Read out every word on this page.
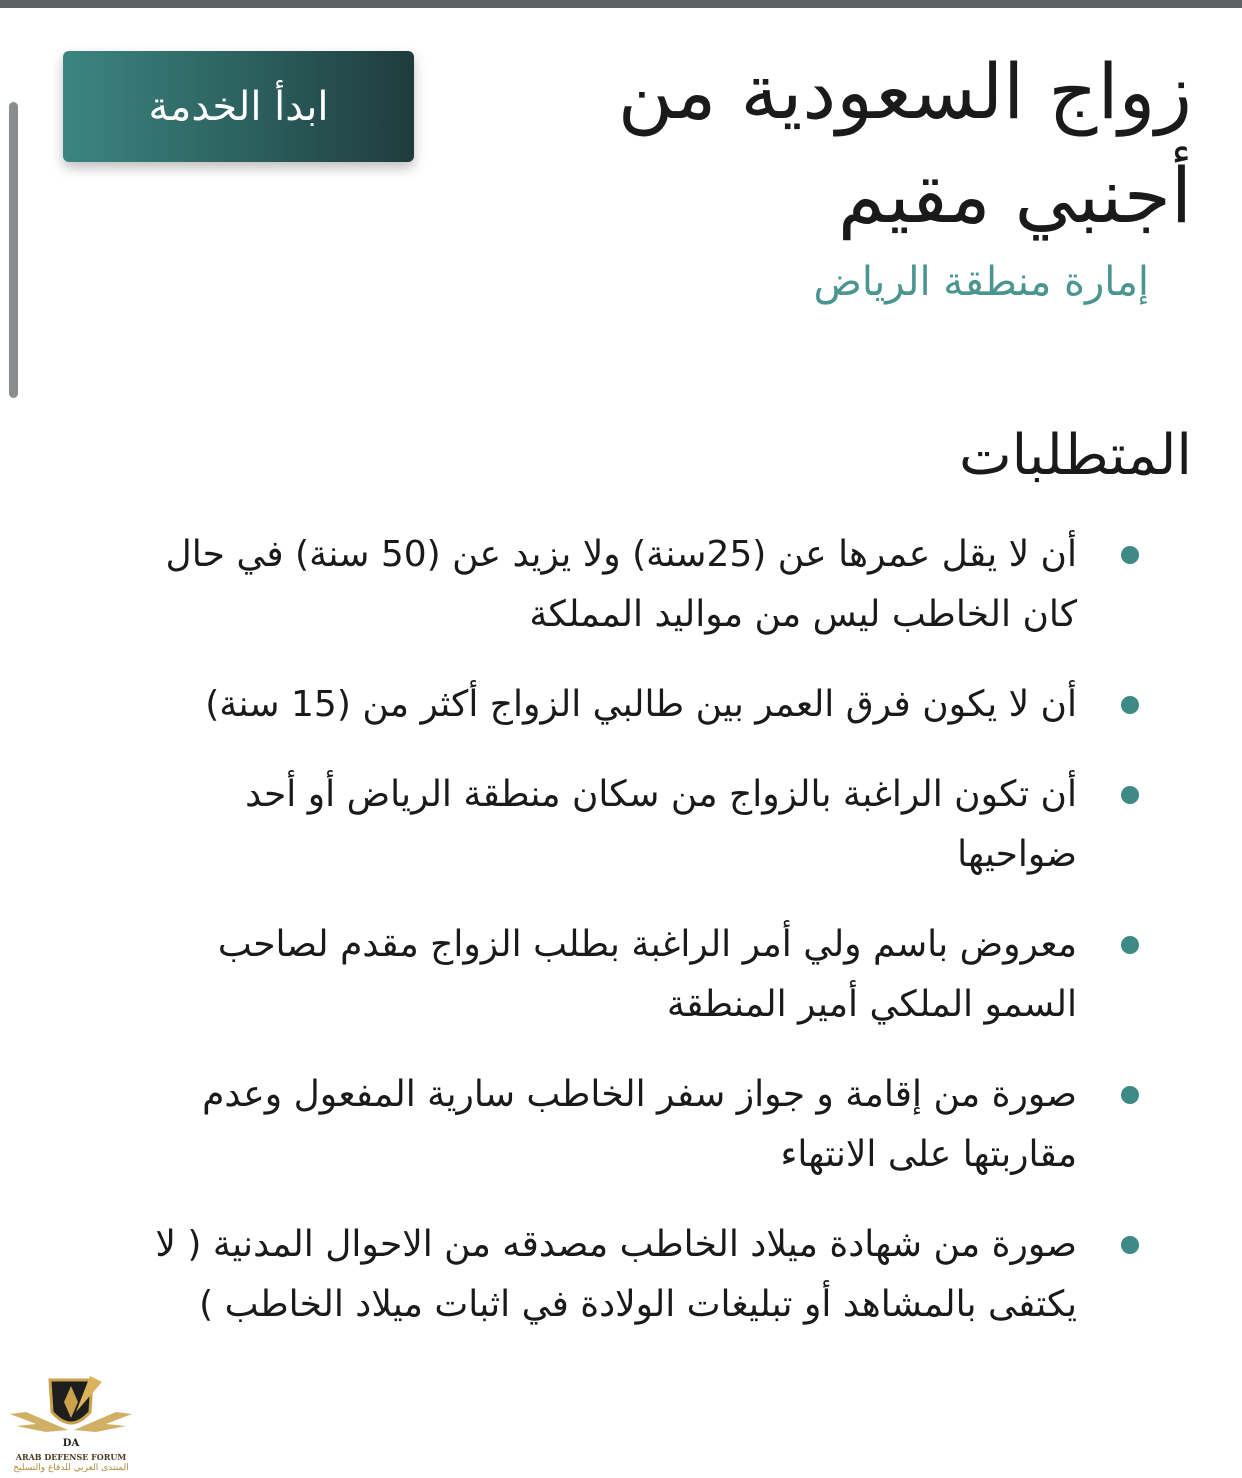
ابدأ الخدمة	زواج السعودية من أجنبي مقيم

إمارة منطقة الرياض

المتطلبات
أن لا يقل عمرها عن (25سنة) ولا يزيد عن (50 سنة) في حال كان الخاطب ليس من مواليد المملكة
أن لا يكون فرق العمر بين طالبي الزواج أكثر من (15 سنة)
أن تكون الراغبة بالزواج من سكان منطقة الرياض أو أحد ضواحيها
معروض باسم ولي أمر الراغبة بطلب الزواج مقدم لصاحب السمو الملكي أمير المنطقة
صورة من إقامة و جواز سفر الخاطب سارية المفعول وعدم مقاربتها على الانتهاء
صورة من شهادة ميلاد الخاطب مصدقه من الاحوال المدنية ( لا يكتفى بالمشاهد أو تبليغات الولادة في اثبات ميلاد الخاطب )
DA
ARAB DEFENSE FORUM
المنتدى العربي للدفاع والتسليح
